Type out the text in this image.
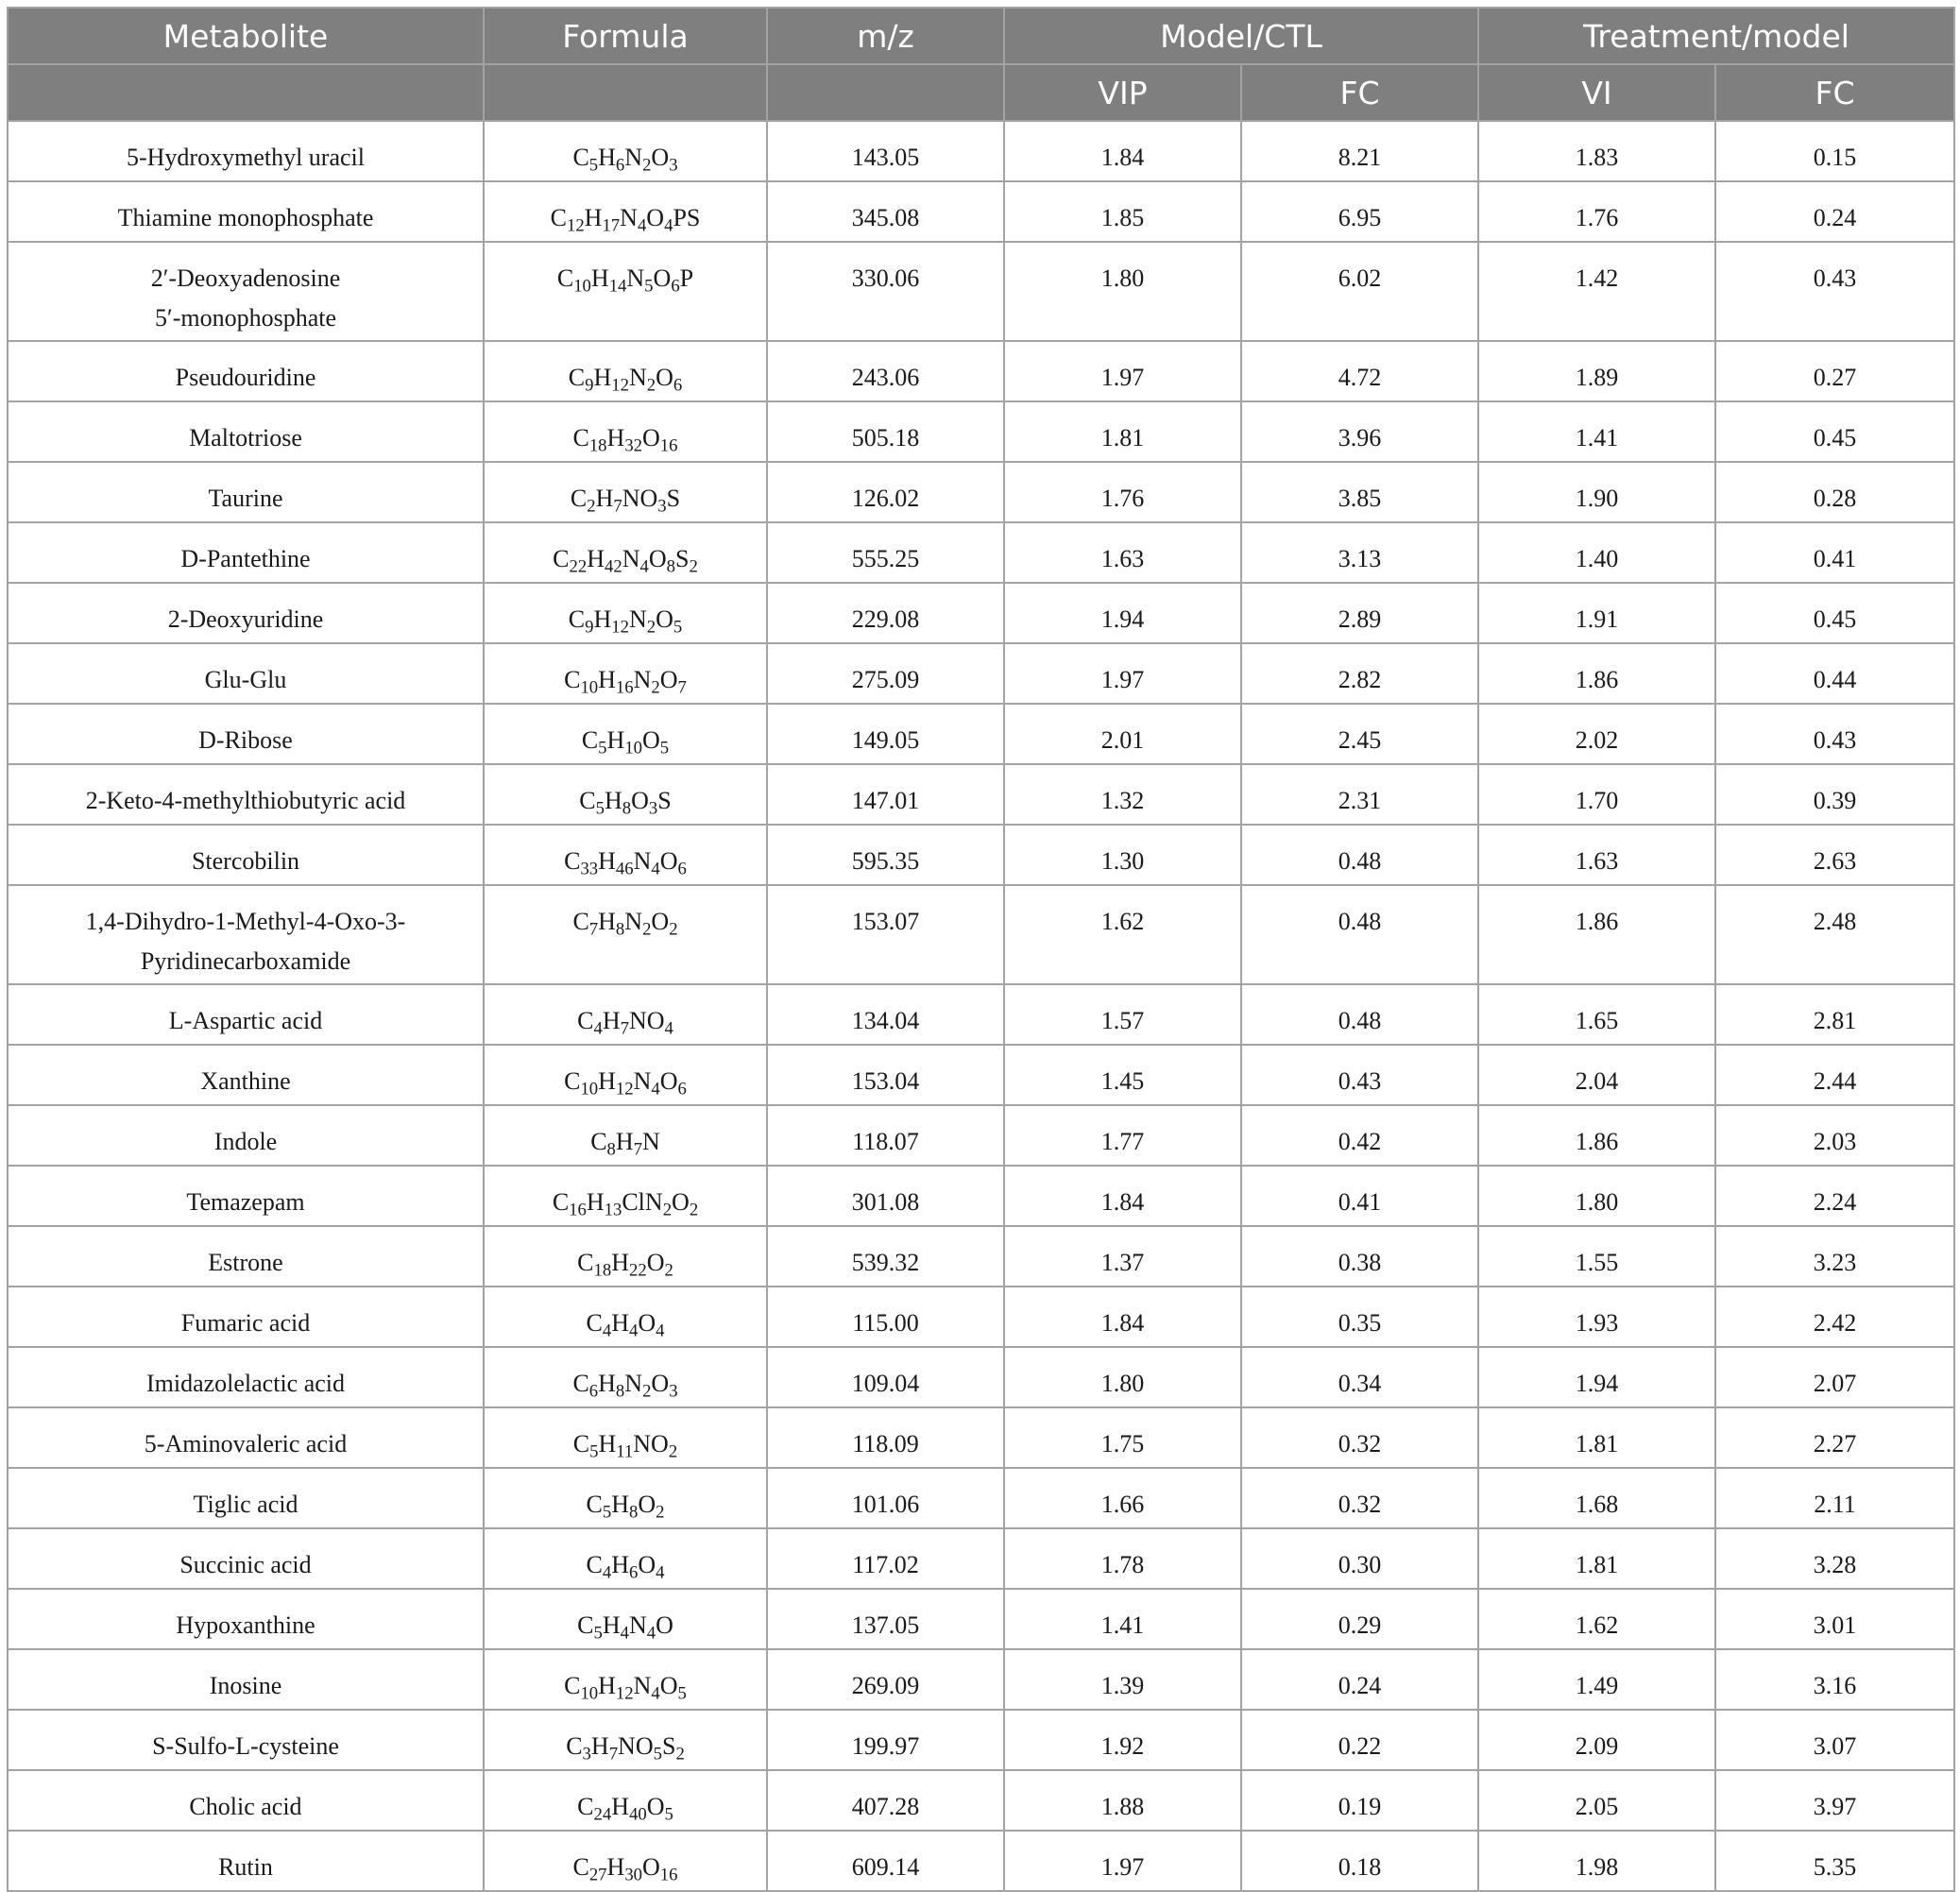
Metabolite	Formula	m/z	Model/CTL		Treatment/model	
			VIP	FC	VI	FC
5-Hydroxymethyl uracil	$C_5H_6N_2O_3$	143.05	1.84	8.21	1.83	0.15
Thiamine monophosphate	$C_{12}H_{17}N_4O_4PS$	345.08	1.85	6.95	1.76	0.24
2′-Deoxyadenosine
5′-monophosphate	$C_{10}H_{14}N_5O_6P$	330.06	1.80	6.02	1.42	0.43
Pseudouridine	$C_9H_{12}N_2O_6$	243.06	1.97	4.72	1.89	0.27
Maltotriose	$C_{18}H_{32}O_{16}$	505.18	1.81	3.96	1.41	0.45
Taurine	$C_2H_7NO_3S$	126.02	1.76	3.85	1.90	0.28
D-Pantethine	$C_{22}H_{42}N_4O_8S_2$	555.25	1.63	3.13	1.40	0.41
2-Deoxyuridine	$C_9H_{12}N_2O_5$	229.08	1.94	2.89	1.91	0.45
Glu-Glu	$C_{10}H_{16}N_2O_7$	275.09	1.97	2.82	1.86	0.44
D-Ribose	$C_5H_{10}O_5$	149.05	2.01	2.45	2.02	0.43
2-Keto-4-methylthiobutyric acid	$C_5H_8O_3S$	147.01	1.32	2.31	1.70	0.39
Stercobilin	$C_{33}H_{46}N_4O_6$	595.35	1.30	0.48	1.63	2.63
1,4-Dihydro-1-Methyl-4-Oxo-3-
Pyridinecarboxamide	$C_7H_8N_2O_2$	153.07	1.62	0.48	1.86	2.48
L-Aspartic acid	$C_4H_7NO_4$	134.04	1.57	0.48	1.65	2.81
Xanthine	$C_{10}H_{12}N_4O_6$	153.04	1.45	0.43	2.04	2.44
Indole	$C_8H_7N$	118.07	1.77	0.42	1.86	2.03
Temazepam	$C_{16}H_{13}ClN_2O_2$	301.08	1.84	0.41	1.80	2.24
Estrone	$C_{18}H_{22}O_2$	539.32	1.37	0.38	1.55	3.23
Fumaric acid	$C_4H_4O_4$	115.00	1.84	0.35	1.93	2.42
Imidazolelactic acid	$C_6H_8N_2O_3$	109.04	1.80	0.34	1.94	2.07
5-Aminovaleric acid	$C_5H_{11}NO_2$	118.09	1.75	0.32	1.81	2.27
Tiglic acid	$C_5H_8O_2$	101.06	1.66	0.32	1.68	2.11
Succinic acid	$C_4H_6O_4$	117.02	1.78	0.30	1.81	3.28
Hypoxanthine	$C_5H_4N_4O$	137.05	1.41	0.29	1.62	3.01
Inosine	$C_{10}H_{12}N_4O_5$	269.09	1.39	0.24	1.49	3.16
S-Sulfo-L-cysteine	$C_3H_7NO_5S_2$	199.97	1.92	0.22	2.09	3.07
Cholic acid	$C_{24}H_{40}O_5$	407.28	1.88	0.19	2.05	3.97
Rutin	$C_{27}H_{30}O_{16}$	609.14	1.97	0.18	1.98	5.35
